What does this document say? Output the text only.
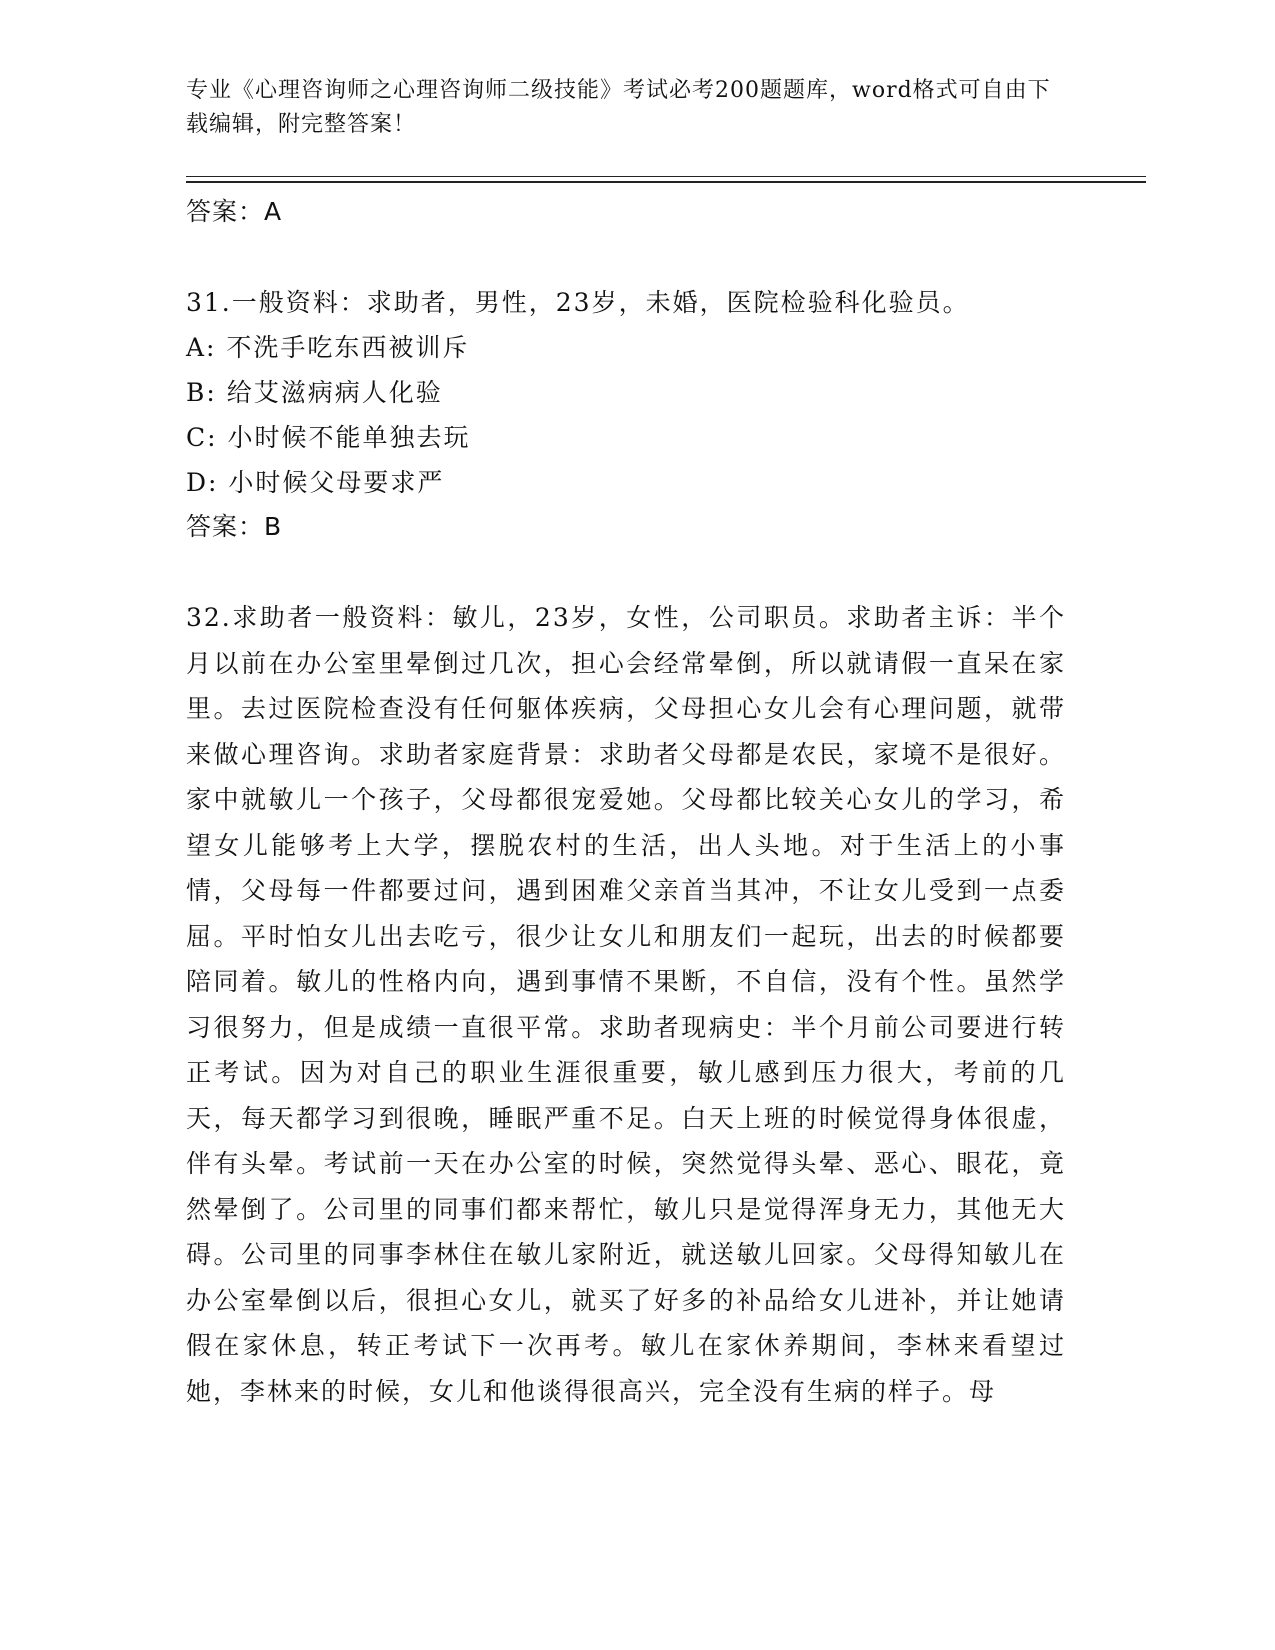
专业《心理咨询师之心理咨询师二级技能》考试必考200题题库，word格式可自由下载编辑，附完整答案！

答案：A

31.一般资料：求助者，男性，23岁，未婚，医院检验科化验员。

A: 不洗手吃东西被训斥

B: 给艾滋病病人化验

C: 小时候不能单独去玩

D: 小时候父母要求严

答案：B

32.求助者一般资料：敏儿，23岁，女性，公司职员。求助者主诉：半个月以前在办公室里晕倒过几次，担心会经常晕倒，所以就请假一直呆在家里。去过医院检查没有任何躯体疾病，父母担心女儿会有心理问题，就带来做心理咨询。求助者家庭背景：求助者父母都是农民，家境不是很好。家中就敏儿一个孩子，父母都很宠爱她。父母都比较关心女儿的学习，希望女儿能够考上大学，摆脱农村的生活，出人头地。对于生活上的小事情，父母每一件都要过问，遇到困难父亲首当其冲，不让女儿受到一点委屈。平时怕女儿出去吃亏，很少让女儿和朋友们一起玩，出去的时候都要陪同着。敏儿的性格内向，遇到事情不果断，不自信，没有个性。虽然学习很努力，但是成绩一直很平常。求助者现病史：半个月前公司要进行转正考试。因为对自己的职业生涯很重要，敏儿感到压力很大，考前的几天，每天都学习到很晚，睡眠严重不足。白天上班的时候觉得身体很虚，伴有头晕。考试前一天在办公室的时候，突然觉得头晕、恶心、眼花，竟然晕倒了。公司里的同事们都来帮忙，敏儿只是觉得浑身无力，其他无大碍。公司里的同事李林住在敏儿家附近，就送敏儿回家。父母得知敏儿在办公室晕倒以后，很担心女儿，就买了好多的补品给女儿进补，并让她请假在家休息，转正考试下一次再考。敏儿在家休养期间，李林来看望过她，李林来的时候，女儿和他谈得很高兴，完全没有生病的样子。母
